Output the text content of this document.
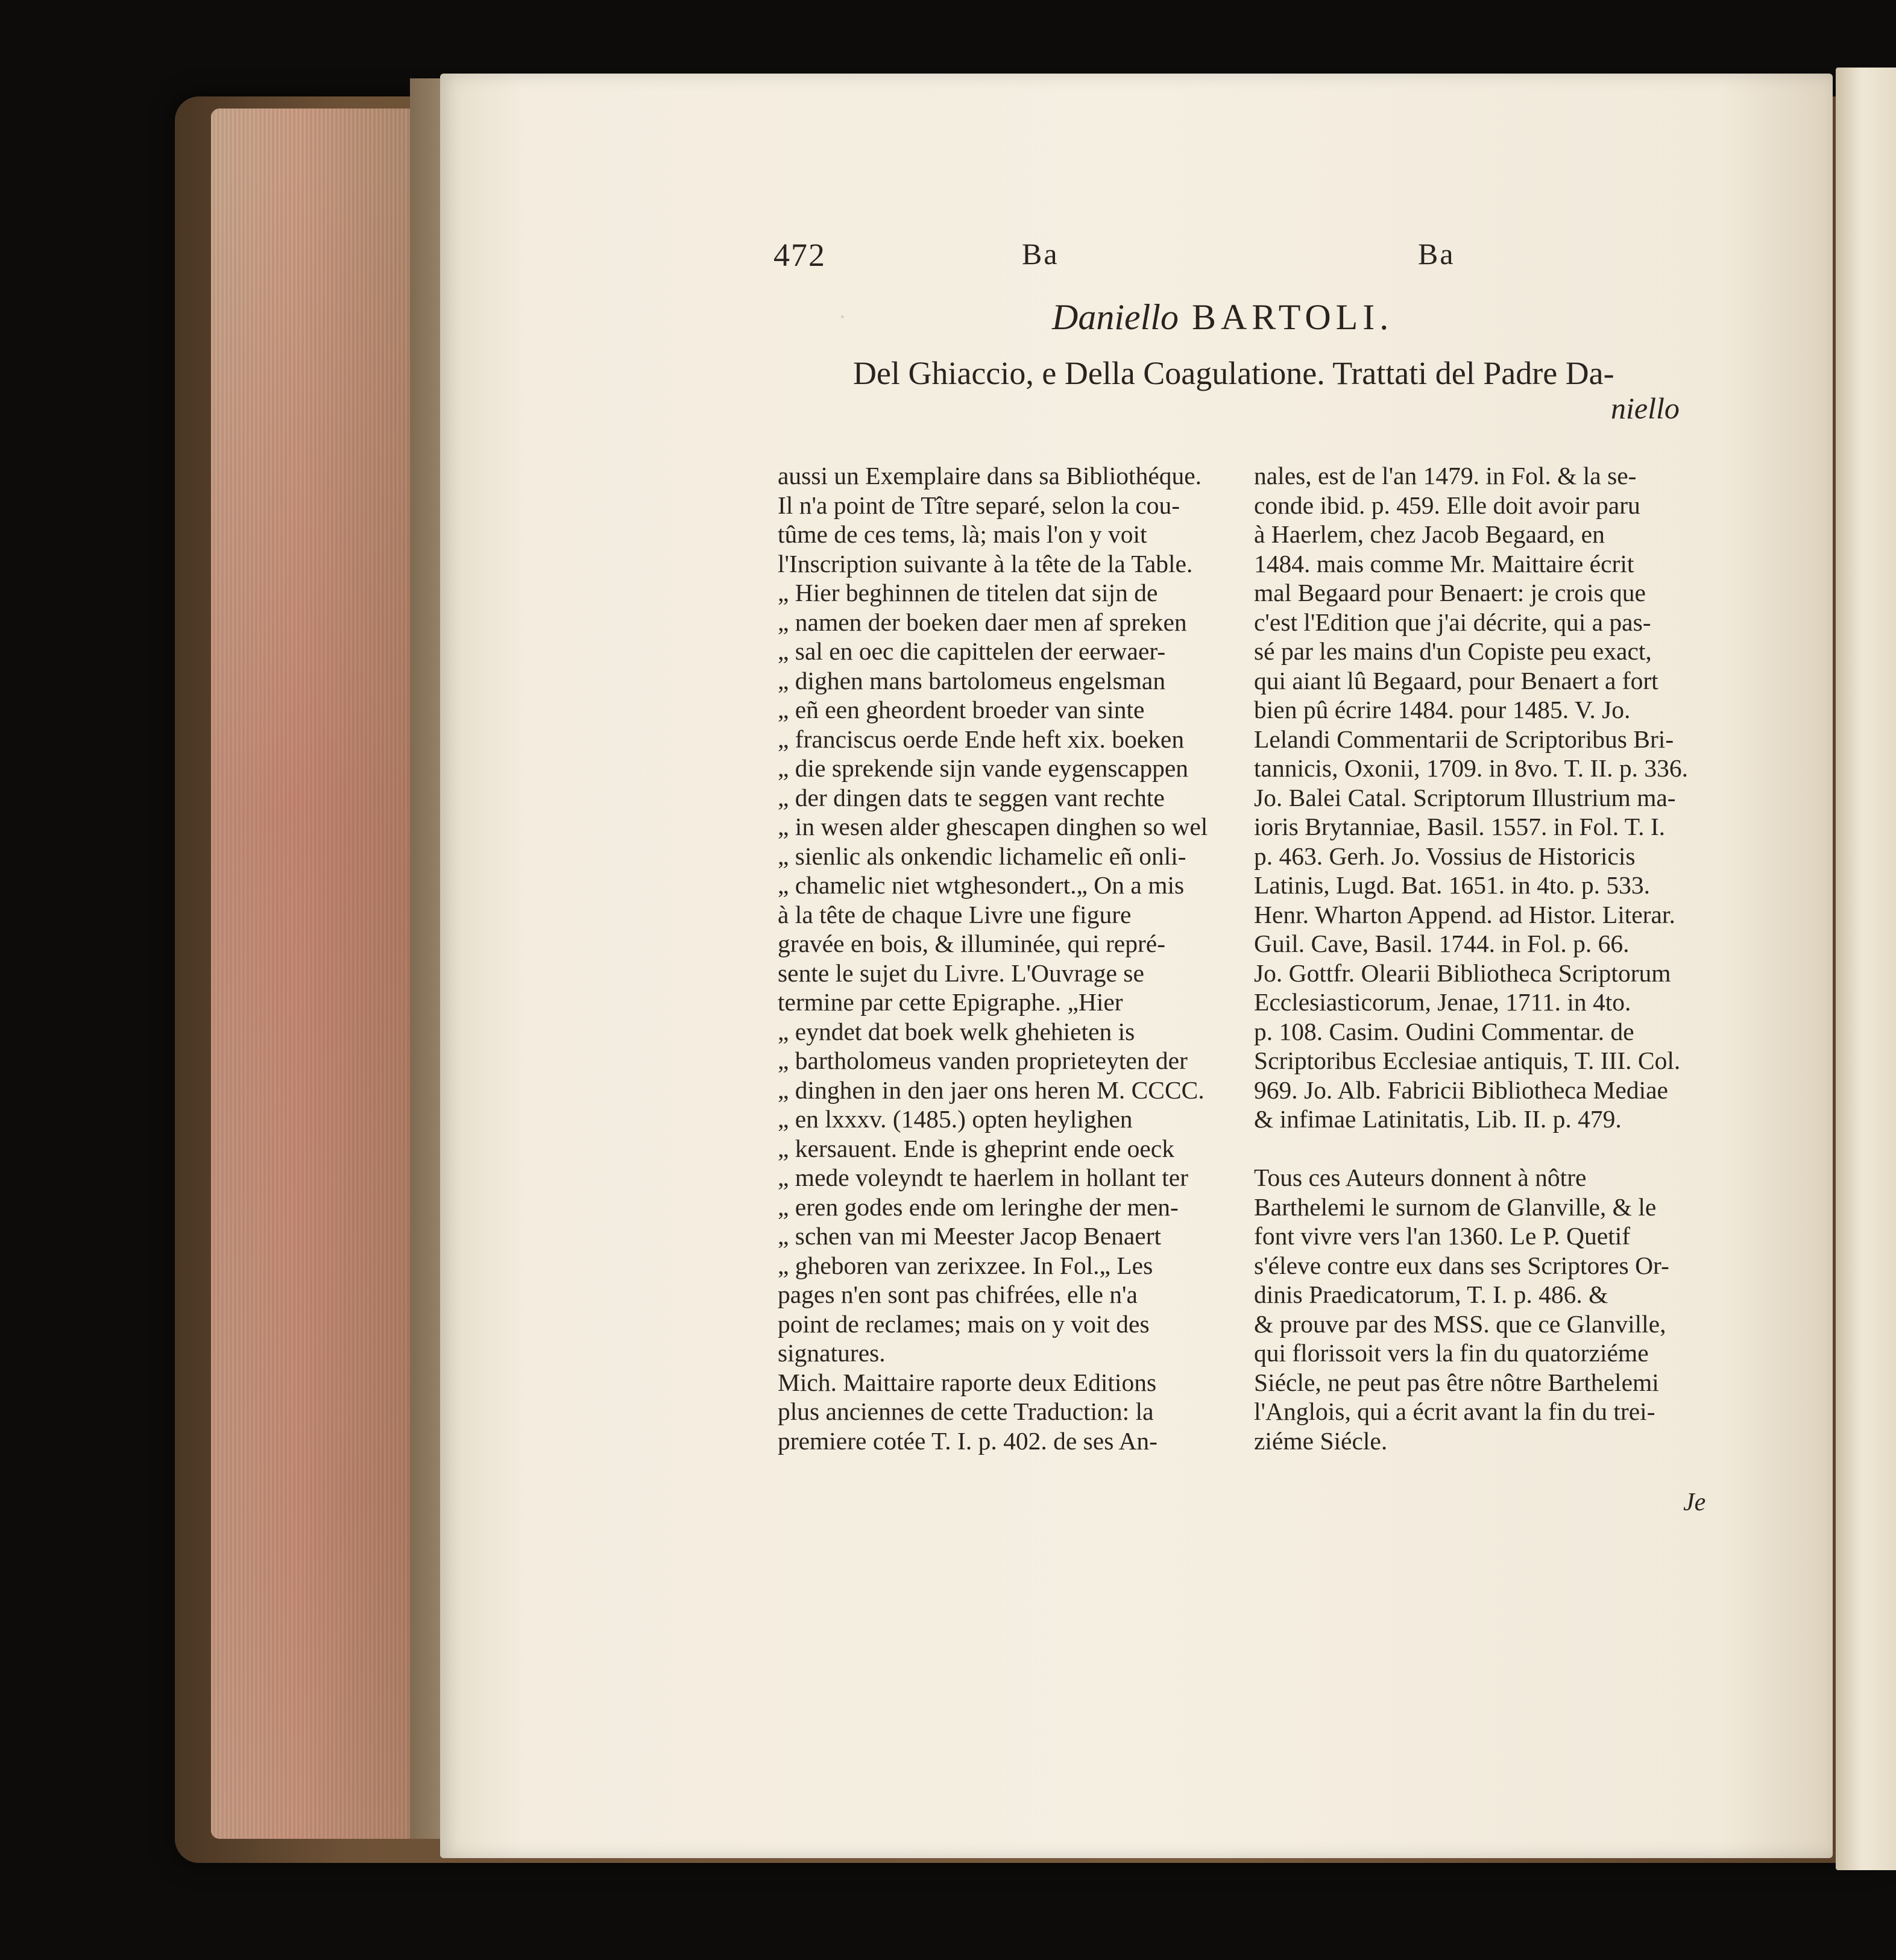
·
472	Ba	Ba
Daniello BARTOLI.
Del Ghiaccio, e Della Coagulatione. Trattati del Padre Da-
niello
aussi un Exemplaire dans sa Bibliothéque.
Il n'a point de Tître separé, selon la cou-
tûme de ces tems, là; mais l'on y voit
l'Inscription suivante à la tête de la Table.
„ Hier beghinnen de titelen dat sijn de
„ namen der boeken daer men af spreken
„ sal en oec die capittelen der eerwaer-
„ dighen mans bartolomeus engelsman
„ eñ een gheordent broeder van sinte
„ franciscus oerde Ende heft xix. boeken
„ die sprekende sijn vande eygenscappen
„ der dingen dats te seggen vant rechte
„ in wesen alder ghescapen dinghen so wel
„ sienlic als onkendic lichamelic eñ onli-
„ chamelic niet wtghesondert.„ On a mis
à la tête de chaque Livre une figure
gravée en bois, & illuminée, qui repré-
sente le sujet du Livre. L'Ouvrage se
termine par cette Epigraphe. „Hier
„ eyndet dat boek welk ghehieten is
„ bartholomeus vanden proprieteyten der
„ dinghen in den jaer ons heren M. CCCC.
„ en lxxxv. (1485.) opten heylighen
„ kersauent. Ende is gheprint ende oeck
„ mede voleyndt te haerlem in hollant ter
„ eren godes ende om leringhe der men-
„ schen van mi Meester Jacop Benaert
„ gheboren van zerixzee. In Fol.„ Les
pages n'en sont pas chifrées, elle n'a
point de reclames; mais on y voit des
signatures.
Mich. Maittaire raporte deux Editions
plus anciennes de cette Traduction: la
premiere cotée T. I. p. 402. de ses An-
nales, est de l'an 1479. in Fol. & la se-
conde ibid. p. 459. Elle doit avoir paru
à Haerlem, chez Jacob Begaard, en
1484. mais comme Mr. Maittaire écrit
mal Begaard pour Benaert: je crois que
c'est l'Edition que j'ai décrite, qui a pas-
sé par les mains d'un Copiste peu exact,
qui aiant lû Begaard, pour Benaert a fort
bien pû écrire 1484. pour 1485. V. Jo.
Lelandi Commentarii de Scriptoribus Bri-
tannicis, Oxonii, 1709. in 8vo. T. II. p. 336.
Jo. Balei Catal. Scriptorum Illustrium ma-
ioris Brytanniae, Basil. 1557. in Fol. T. I.
p. 463. Gerh. Jo. Vossius de Historicis
Latinis, Lugd. Bat. 1651. in 4to. p. 533.
Henr. Wharton Append. ad Histor. Literar.
Guil. Cave, Basil. 1744. in Fol. p. 66.
Jo. Gottfr. Olearii Bibliotheca Scriptorum
Ecclesiasticorum, Jenae, 1711. in 4to.
p. 108. Casim. Oudini Commentar. de
Scriptoribus Ecclesiae antiquis, T. III. Col.
969. Jo. Alb. Fabricii Bibliotheca Mediae
& infimae Latinitatis, Lib. II. p. 479.
Tous ces Auteurs donnent à nôtre
Barthelemi le surnom de Glanville, & le
font vivre vers l'an 1360. Le P. Quetif
s'éleve contre eux dans ses Scriptores Or-
dinis Praedicatorum, T. I. p. 486. &
& prouve par des MSS. que ce Glanville,
qui florissoit vers la fin du quatorziéme
Siécle, ne peut pas être nôtre Barthelemi
l'Anglois, qui a écrit avant la fin du trei-
ziéme Siécle.
Je
